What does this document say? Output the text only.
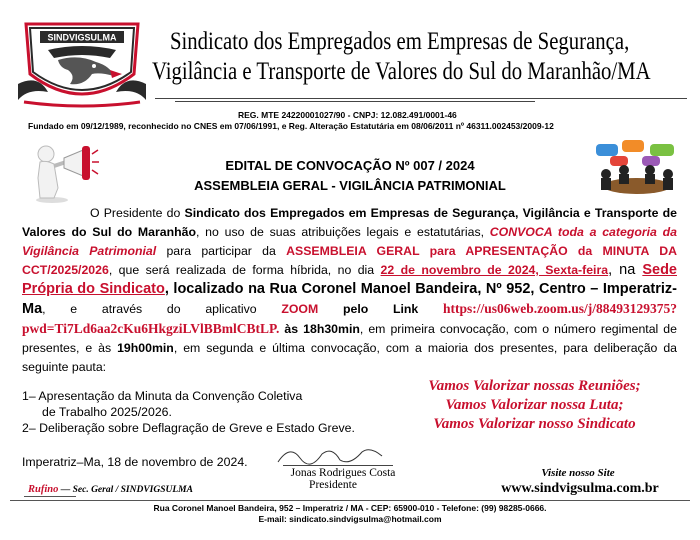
SINDVIGSULMA Sindicato dos Empregados em Empresas de Segurança,
Vigilância e Transporte de Valores do Sul do Maranhão/MA
REG. MTE 24220001027/90 - CNPJ: 12.082.491/0001-46
Fundado em 09/12/1989, reconhecido no CNES em 07/06/1991, e Reg. Alteração Estatutária em 08/06/2011 nº 46311.002453/2009-12
EDITAL DE CONVOCAÇÃO Nº 007 / 2024
ASSEMBLEIA GERAL - VIGILÂNCIA PATRIMONIAL
O Presidente do Sindicato dos Empregados em Empresas de Segurança, Vigilância e Transporte de Valores do Sul do Maranhão, no uso de suas atribuições legais e estatutárias, CONVOCA toda a categoria da Vigilância Patrimonial para participar da ASSEMBLEIA GERAL para APRESENTAÇÃO da MINUTA DA CCT/2025/2026, que será realizada de forma híbrida, no dia 22 de novembro de 2024, Sexta-feira, na Sede Própria do Sindicato, localizado na Rua Coronel Manoel Bandeira, Nº 952, Centro – Imperatriz-Ma, e através do aplicativo ZOOM pelo Link https://us06web.zoom.us/j/88493129375?pwd=Ti7Ld6aa2cKu6HkgziLVlBBmlCBtLP. às 18h30min, em primeira convocação, com o número regimental de presentes, e às 19h00min, em segunda e última convocação, com a maioria dos presentes, para deliberação da seguinte pauta:
1– Apresentação da Minuta da Convenção Coletiva
de Trabalho 2025/2026.
2– Deliberação sobre Deflagração de Greve e Estado Greve.
Vamos Valorizar nossas Reuniões;
Vamos Valorizar nossa Luta;
Vamos Valorizar nosso Sindicato
Imperatriz–Ma, 18 de novembro de 2024.
Jonas Rodrigues Costa
Presidente
Rufino — Sec. Geral / SINDVIGSULMA
Visite nosso Site
www.sindvigsulma.com.br
Rua Coronel Manoel Bandeira, 952 – Imperatriz / MA - CEP: 65900-010 - Telefone: (99) 98285-0666.
E-mail: sindicato.sindvigsulma@hotmail.com
